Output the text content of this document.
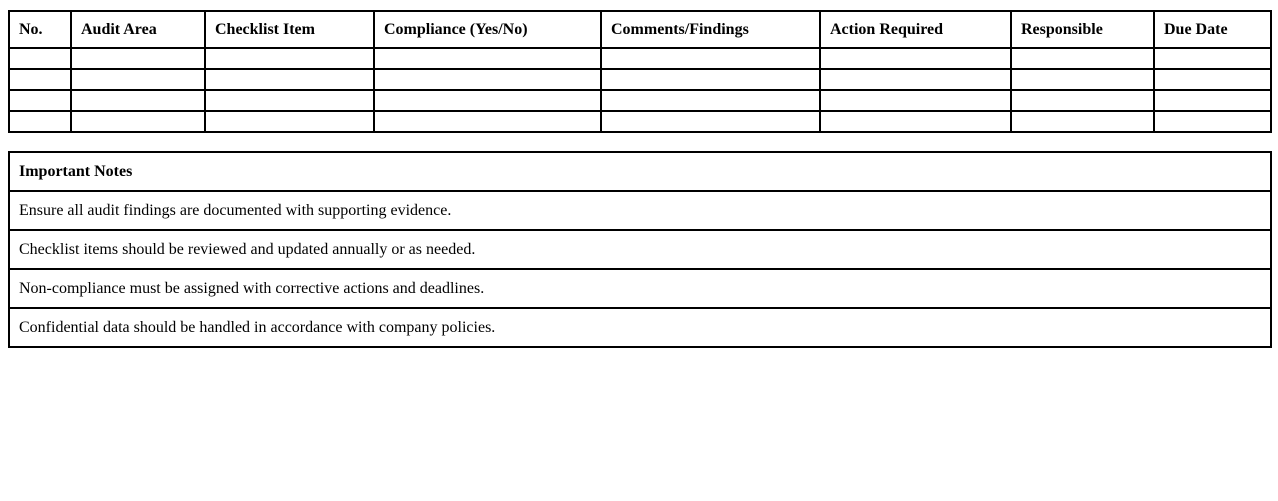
No.	Audit Area	Checklist Item	Compliance (Yes/No)	Comments/Findings	Action Required	Responsible	Due Date

Important Notes
Ensure all audit findings are documented with supporting evidence.
Checklist items should be reviewed and updated annually or as needed.
Non-compliance must be assigned with corrective actions and deadlines.
Confidential data should be handled in accordance with company policies.
